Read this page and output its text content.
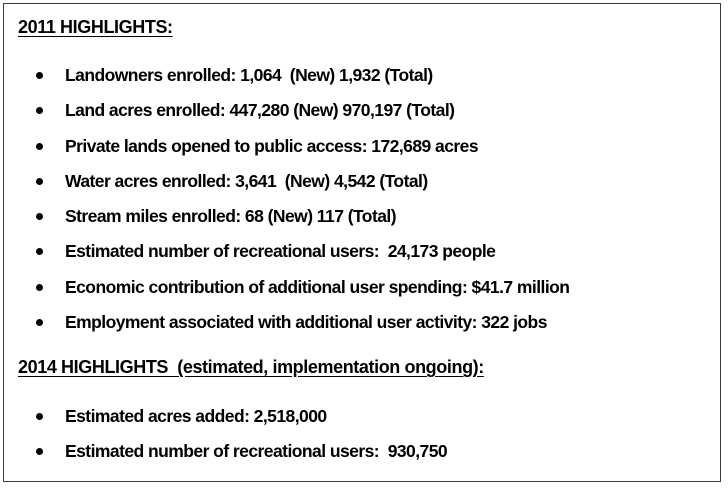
2011 HIGHLIGHTS:
Landowners enrolled: 1,064  (New) 1,932 (Total)
Land acres enrolled: 447,280 (New) 970,197 (Total)
Private lands opened to public access: 172,689 acres
Water acres enrolled: 3,641  (New) 4,542 (Total)
Stream miles enrolled: 68 (New) 117 (Total)
Estimated number of recreational users:  24,173 people
Economic contribution of additional user spending: $41.7 million
Employment associated with additional user activity: 322 jobs
2014 HIGHLIGHTS  (estimated, implementation ongoing):
Estimated acres added: 2,518,000
Estimated number of recreational users:  930,750
